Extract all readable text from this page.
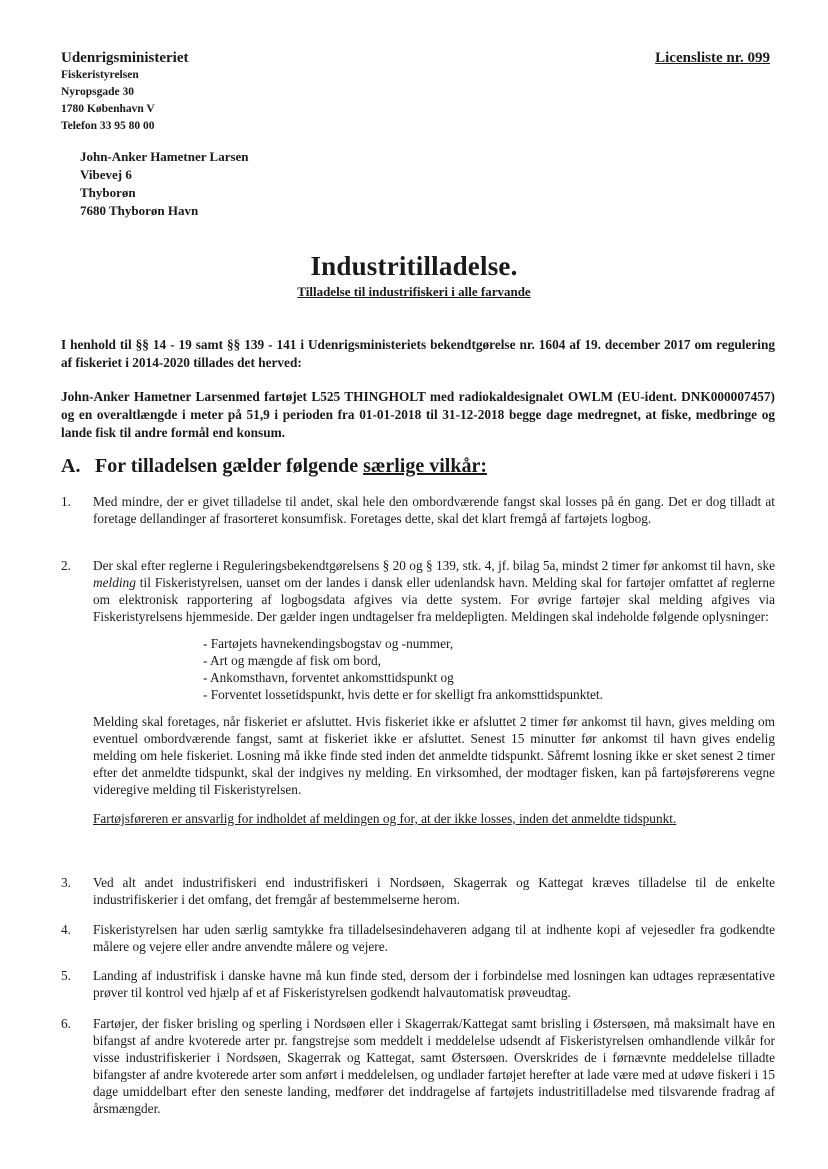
Udenrigsministeriet
Fiskeristyrelsen
Nyropsgade 30
1780 København V
Telefon 33 95 80 00
Licensliste nr. 099
John-Anker Hametner Larsen
Vibevej 6
Thyborøn
7680 Thyborøn Havn
Industritilladelse.
Tilladelse til industrifiskeri i alle farvande
I henhold til §§ 14 - 19 samt §§ 139 - 141 i Udenrigsministeriets bekendtgørelse nr. 1604 af 19. december 2017 om regulering af fiskeriet i 2014-2020 tillades det herved:
John-Anker Hametner Larsenmed fartøjet L525 THINGHOLT med radiokaldesignalet OWLM (EU-ident. DNK000007457) og en overaltlængde i meter på 51,9 i perioden fra 01-01-2018 til 31-12-2018 begge dage medregnet, at fiske, medbringe og lande fisk til andre formål end konsum.
A. For tilladelsen gælder følgende særlige vilkår:
1. Med mindre, der er givet tilladelse til andet, skal hele den ombordværende fangst skal losses på én gang. Det er dog tilladt at foretage dellandinger af frasorteret konsumfisk. Foretages dette, skal det klart fremgå af fartøjets logbog.

2. Der skal efter reglerne i Reguleringsbekendtgørelsens § 20 og § 139, stk. 4, jf. bilag 5a, mindst 2 timer før ankomst til havn, ske melding til Fiskeristyrelsen, uanset om der landes i dansk eller udenlandsk havn. Melding skal for fartøjer omfattet af reglerne om elektronisk rapportering af logbogsdata afgives via dette system. For øvrige fartøjer skal melding afgives via Fiskeristyrelsens hjemmeside. Der gælder ingen undtagelser fra meldepligten. Meldingen skal indeholde følgende oplysninger:

- Fartøjets havnekendingsbogstav og -nummer,
- Art og mængde af fisk om bord,
- Ankomsthavn, forventet ankomsttidspunkt og
- Forventet lossetidspunkt, hvis dette er for skelligt fra ankomsttidspunktet.

Melding skal foretages, når fiskeriet er afsluttet. Hvis fiskeriet ikke er afsluttet 2 timer før ankomst til havn, gives melding om eventuel ombordværende fangst, samt at fiskeriet ikke er afsluttet. Senest 15 minutter før ankomst til havn gives endelig melding om hele fiskeriet. Losning må ikke finde sted inden det anmeldte tidspunkt. Såfremt losning ikke er sket senest 2 timer efter det anmeldte tidspunkt, skal der indgives ny melding. En virksomhed, der modtager fisken, kan på fartøjsførerens vegne videregive melding til Fiskeristyrelsen.

Fartøjsføreren er ansvarlig for indholdet af meldingen og for, at der ikke losses, inden det anmeldte tidspunkt.

3. Ved alt andet industrifiskeri end industrifiskeri i Nordsøen, Skagerrak og Kattegat kræves tilladelse til de enkelte industrifiskerier i det omfang, det fremgår af bestemmelserne herom.

4. Fiskeristyrelsen har uden særlig samtykke fra tilladelsesindehaveren adgang til at indhente kopi af vejesedler fra godkendte målere og vejere eller andre anvendte målere og vejere.

5. Landing af industrifisk i danske havne må kun finde sted, dersom der i forbindelse med losningen kan udtages repræsentative prøver til kontrol ved hjælp af et af Fiskeristyrelsen godkendt halvautomatisk prøveudtag.

6. Fartøjer, der fisker brisling og sperling i Nordsøen eller i Skagerrak/Kattegat samt brisling i Østersøen, må maksimalt have en bifangst af andre kvoterede arter pr. fangstrejse som meddelt i meddelelse udsendt af Fiskeristyrelsen omhandlende vilkår for visse industrifiskerier i Nordsøen, Skagerrak og Kattegat, samt Østersøen. Overskrides de i førnævnte meddelelse tilladte bifangster af andre kvoterede arter som anført i meddelelsen, og undlader fartøjet herefter at lade være med at udøve fiskeri i 15 dage umiddelbart efter den seneste landing, medfører det inddragelse af fartøjets industritilladelse med tilsvarende fradrag af årsmængder.
